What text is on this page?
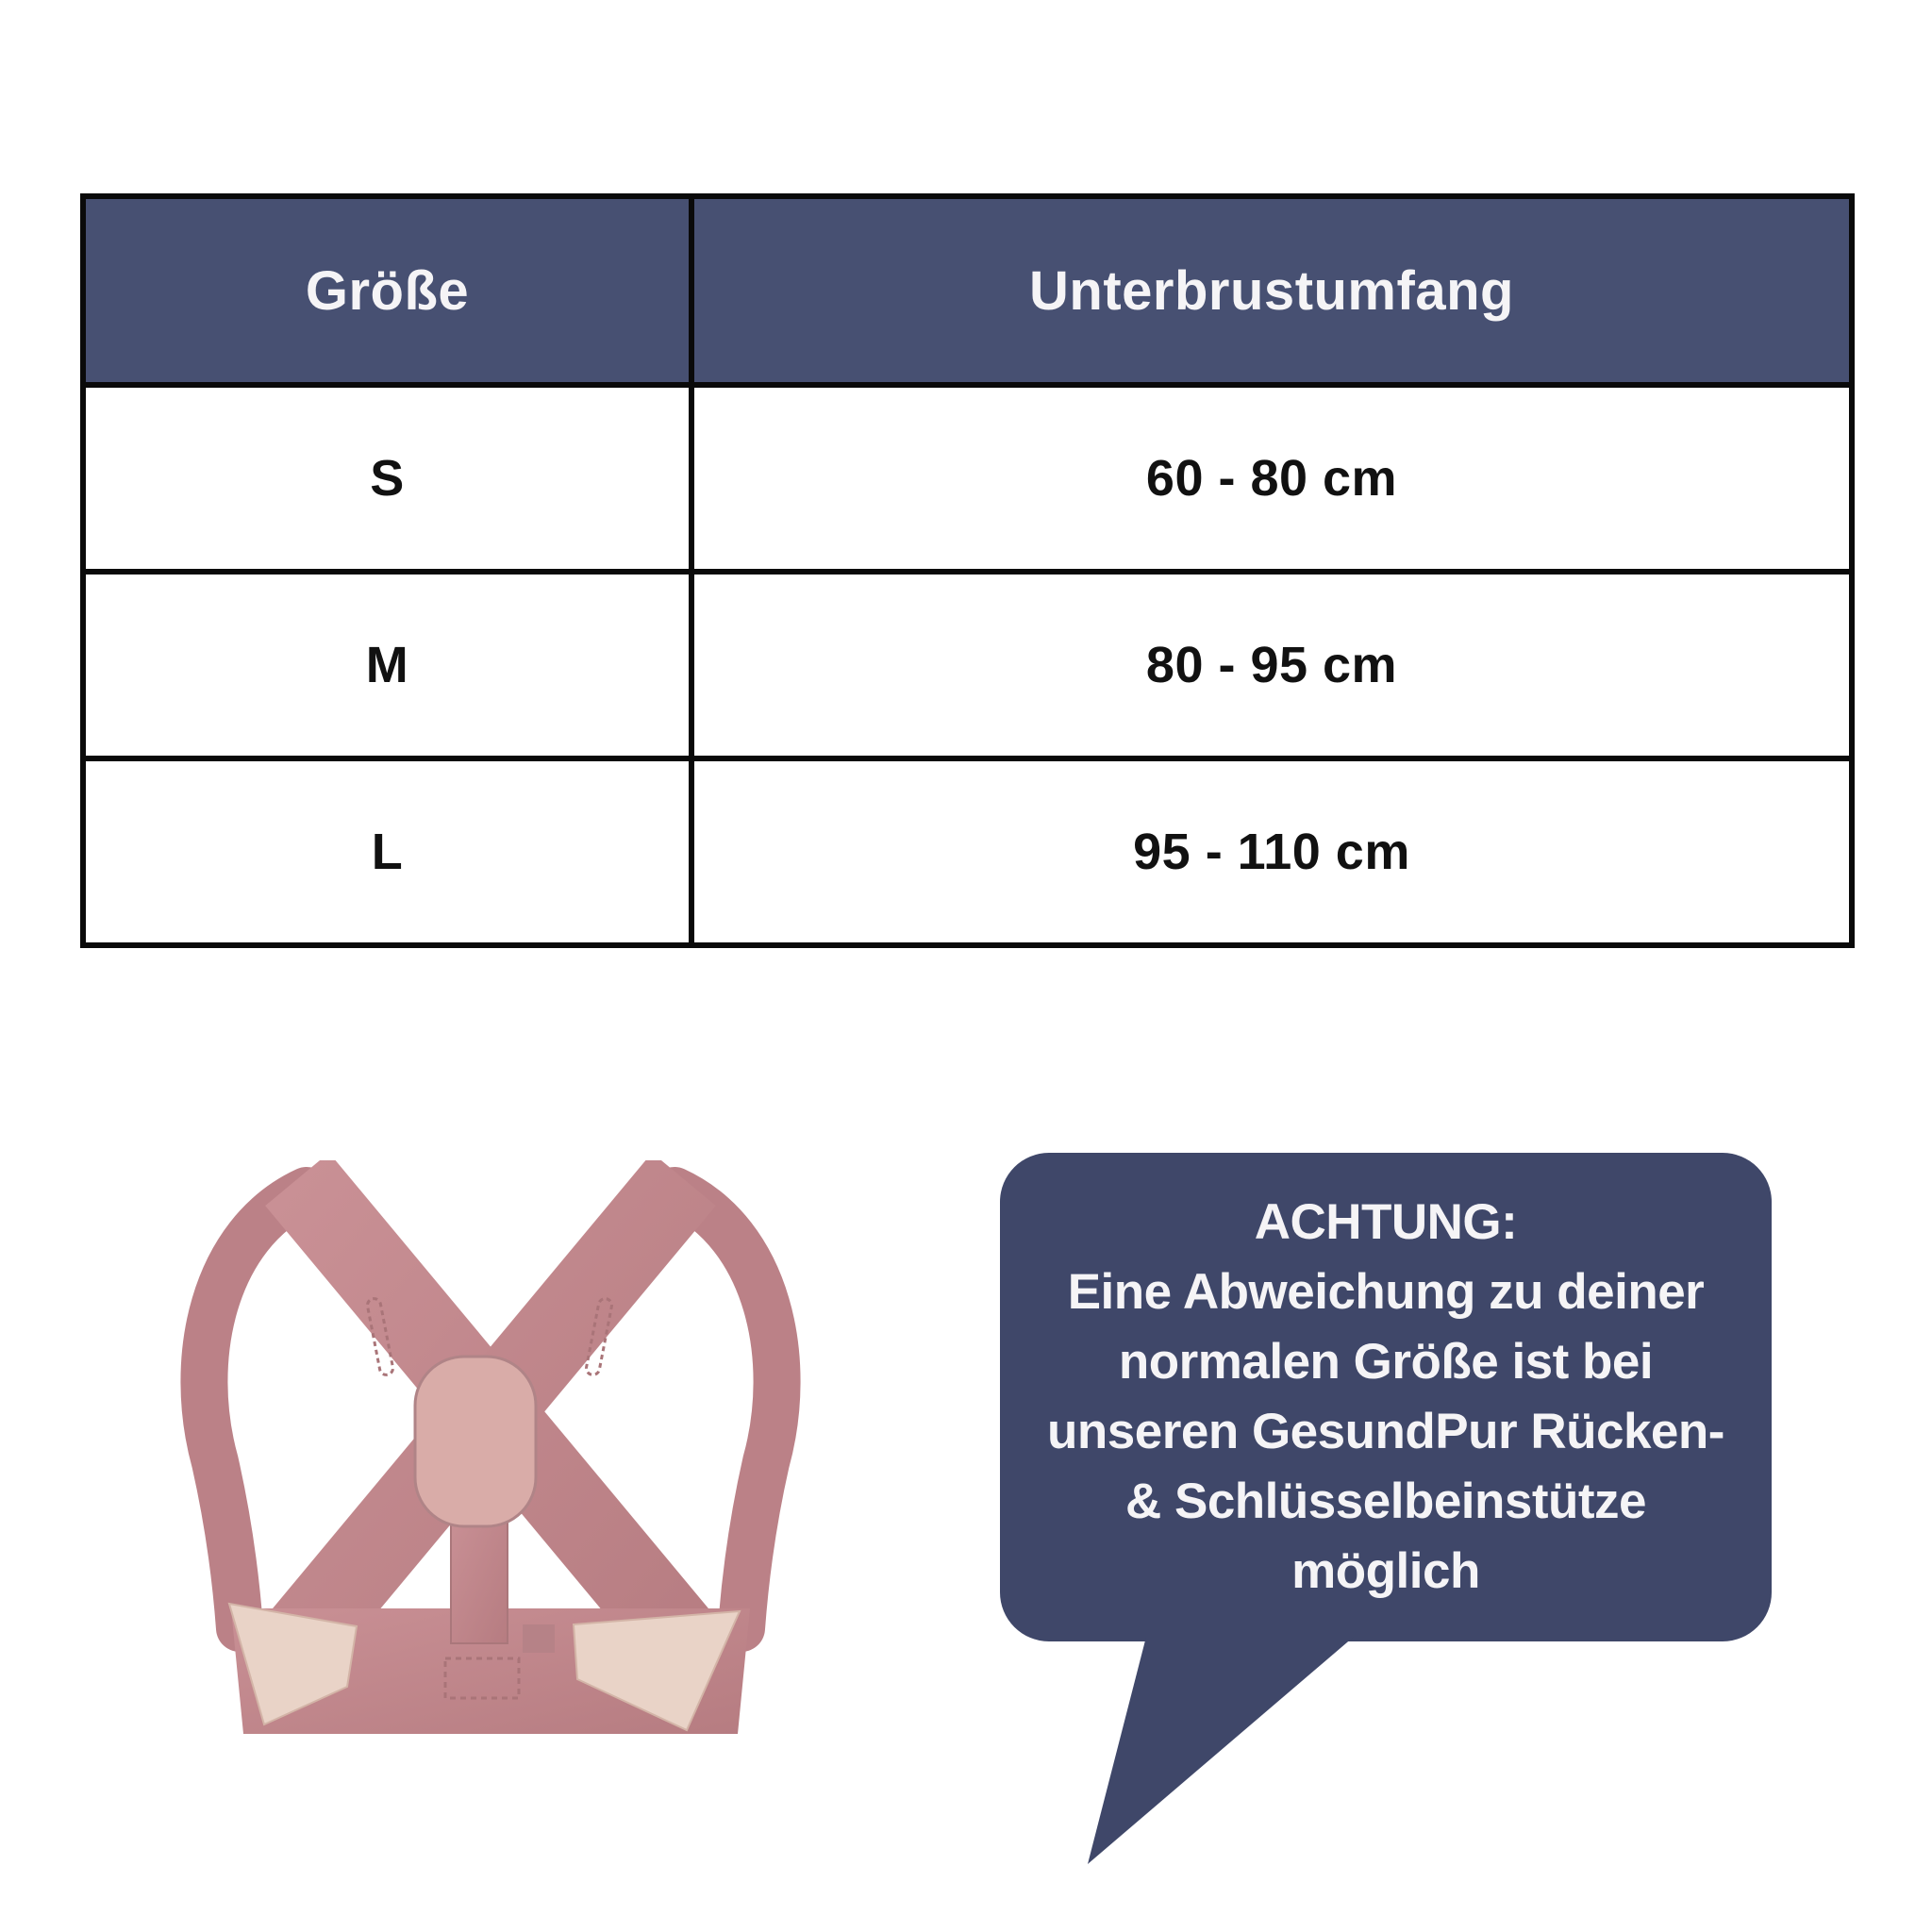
Größe	Unterbrustumfang
S	60 - 80 cm
M	80 - 95 cm
L	95 - 110 cm
ACHTUNG:
Eine Abweichung zu deiner
normalen Größe ist bei
unseren GesundPur Rücken-
& Schlüsselbeinstütze
möglich
